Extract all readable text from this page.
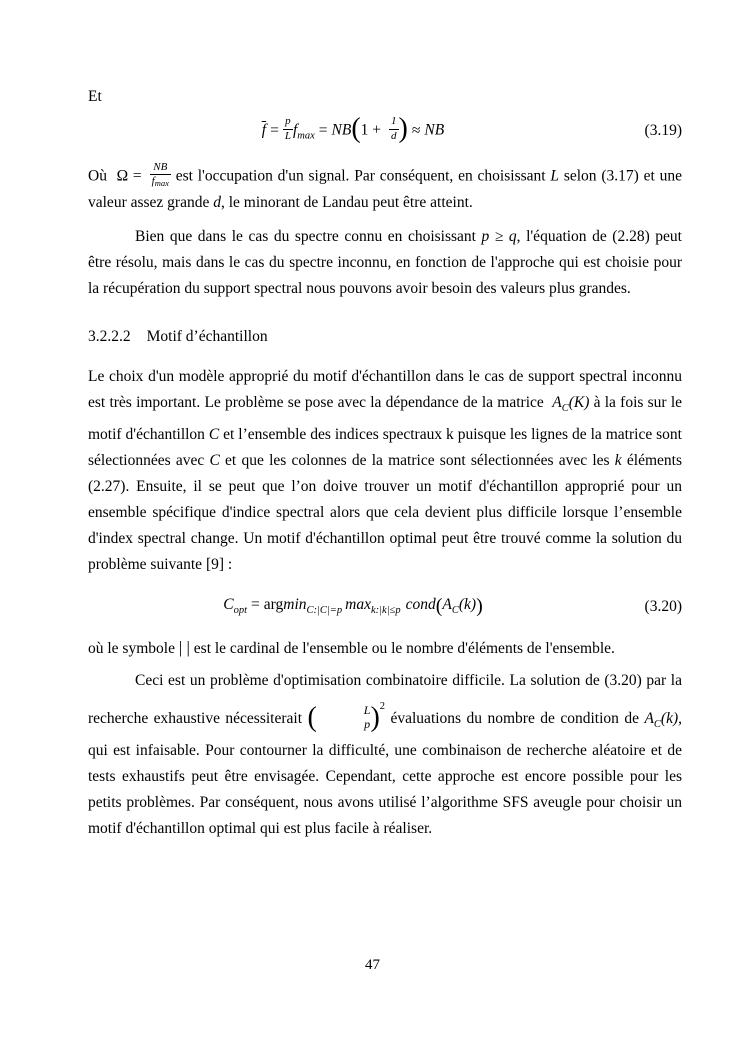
Et

$\overline{f} = \frac{p}{L} f_{max} = NB(1 + \frac{1}{d}$ ) ≈ NB	(3.19)

Où  $\Omega = \frac{NB}{fmax}$ est l'occupation d'un signal. Par conséquent, en choisissant L selon (3.17) et une valeur assez grande d, le minorant de Landau peut être atteint.

Bien que dans le cas du spectre connu en choisissant p ≥ q, l'équation de (2.28) peut être résolu, mais dans le cas du spectre inconnu, en fonction de l'approche qui est choisie pour la récupération du support spectral nous pouvons avoir besoin des valeurs plus grandes.

3.2.2.2 Motif d’échantillon

Le choix d'un modèle approprié du motif d'échantillon dans le cas de support spectral inconnu est très important. Le problème se pose avec la dépendance de la matrice  $A_C(K)$ à la fois sur le motif d'échantillon C et l’ensemble des indices spectraux k puisque les lignes de la matrice sont sélectionnées avec C et que les colonnes de la matrice sont sélectionnées avec les k éléments (2.27). Ensuite, il se peut que l’on doive trouver un motif d'échantillon approprié pour un ensemble spécifique d'indice spectral alors que cela devient plus difficile lorsque l’ensemble d'index spectral change. Un motif d'échantillon optimal peut être trouvé comme la solution du problème suivante [9] :

$C_{opt} = argmin_{C:|C|=p}$ $\max_{k:|k|\le p}$ $cond(A_C(k))$	(3.20)

où le symbole | | est le cardinal de l'ensemble ou le nombre d'éléments de l'ensemble.

Ceci est un problème d'optimisation combinatoire difficile. La solution de (3.20) par la recherche exhaustive nécessiterait (	L
p )$^2$ évaluations du nombre de condition de $A_C(k)$, qui est infaisable. Pour contourner la difficulté, une combinaison de recherche aléatoire et de tests exhaustifs peut être envisagée. Cependant, cette approche est encore possible pour les petits problèmes. Par conséquent, nous avons utilisé l’algorithme SFS aveugle pour choisir un motif d'échantillon optimal qui est plus facile à réaliser.

47
